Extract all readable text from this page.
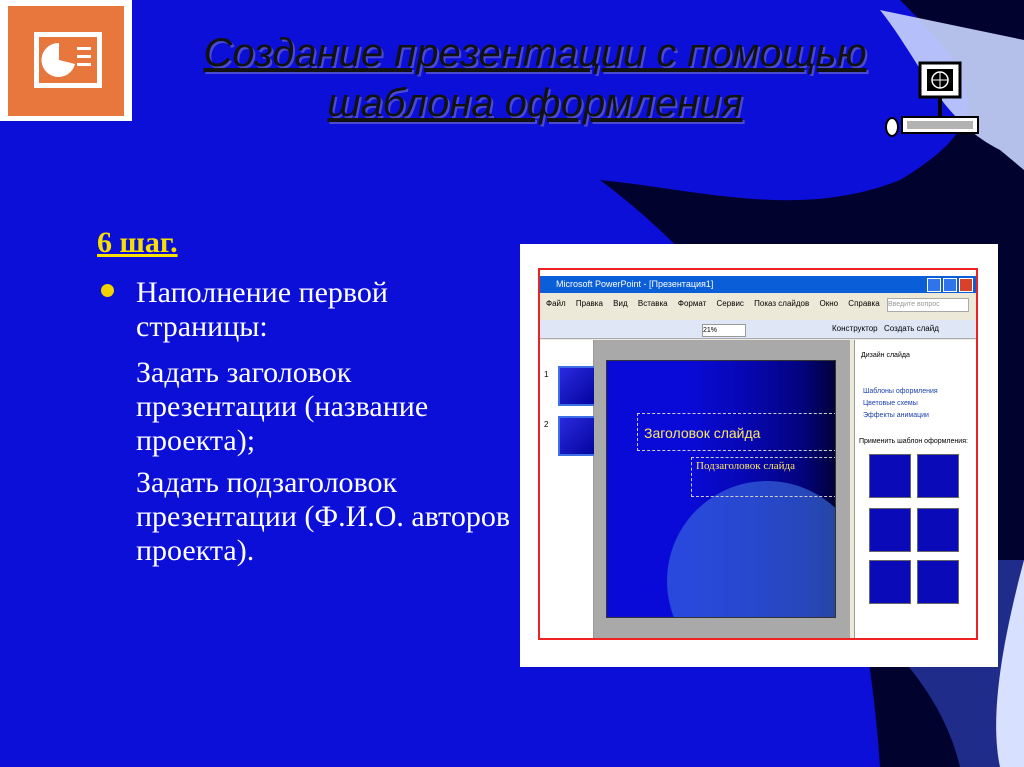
Создание презентации с помощью шаблона оформления
6 шаг.

Наполнение первой страницы:

Задать заголовок презентации (название проекта);

Задать подзаголовок презентации (Ф.И.О. авторов проекта).

Microsoft PowerPoint - [Презентация1]
Файл Правка Вид Вставка Формат Сервис Показ слайдов Окно Справка	Введите вопрос
21%	Конструктор Создать слайд
1
2
Заголовок слайда
Подзаголовок слайда
Дизайн слайда
Шаблоны оформления
Цветовые схемы
Эффекты анимации
Применить шаблон оформления:
